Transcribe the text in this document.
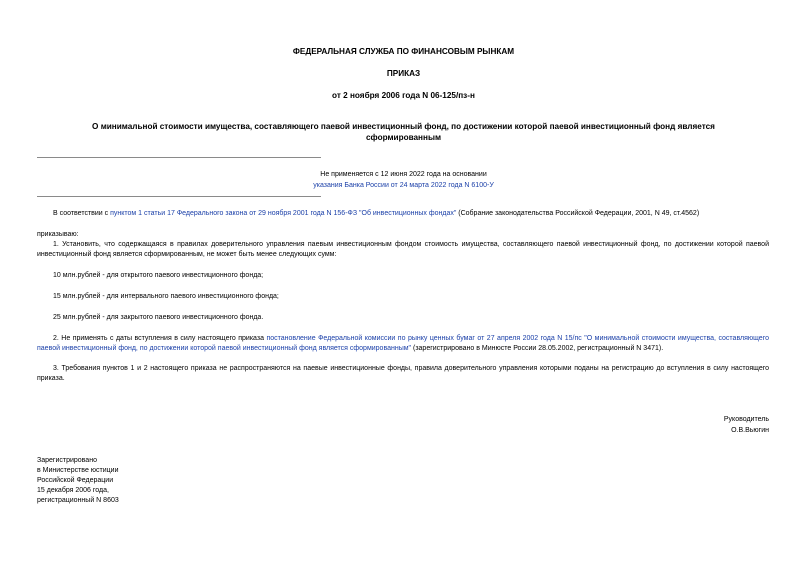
ФЕДЕРАЛЬНАЯ СЛУЖБА ПО ФИНАНСОВЫМ РЫНКАМ
ПРИКАЗ
от 2 ноября 2006 года N 06-125/пз-н
О минимальной стоимости имущества, составляющего паевой инвестиционный фонд, по достижении которой паевой инвестиционный фонд является
сформированным
Не применяется с 12 июня 2022 года на основании
указания Банка России от 24 марта 2022 года N 6100-У
В соответствии с пунктом 1 статьи 17 Федерального закона от 29 ноября 2001 года N 156-ФЗ "Об инвестиционных фондах" (Собрание законодательства Российской Федерации, 2001, N 49, ст.4562)
приказываю:
1. Установить, что содержащаяся в правилах доверительного управления паевым инвестиционным фондом стоимость имущества, составляющего паевой инвестиционный фонд, по достижении которой паевой инвестиционный фонд является сформированным, не может быть менее следующих сумм:
10 млн.рублей - для открытого паевого инвестиционного фонда;
15 млн.рублей - для интервального паевого инвестиционного фонда;
25 млн.рублей - для закрытого паевого инвестиционного фонда.
2. Не применять с даты вступления в силу настоящего приказа постановление Федеральной комиссии по рынку ценных бумаг от 27 апреля 2002 года N 15/пс "О минимальной стоимости имущества, составляющего паевой инвестиционный фонд, по достижении которой паевой инвестиционный фонд является сформированным" (зарегистрировано в Минюсте России 28.05.2002, регистрационный N 3471).
3. Требования пунктов 1 и 2 настоящего приказа не распространяются на паевые инвестиционные фонды, правила доверительного управления которыми поданы на регистрацию до вступления в силу настоящего приказа.
Руководитель
О.В.Вьюгин
Зарегистрировано
в Министерстве юстиции
Российской Федерации
15 декабря 2006 года,
регистрационный N 8603
